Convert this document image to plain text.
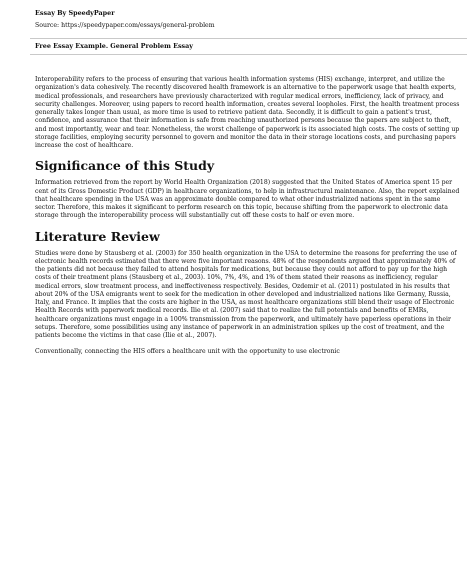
Essay By SpeedyPaper

Source: https://speedypaper.com/essays/general-problem

Free Essay Example. General Problem Essay

Interoperability refers to the process of ensuring that various health information systems (HIS) exchange, interpret, and utilize the organization's data cohesively. The recently discovered health framework is an alternative to the paperwork usage that health experts, medical professionals, and researchers have previously characterized with regular medical errors, inefficiency, lack of privacy, and security challenges. Moreover, using papers to record health information, creates several loopholes. First, the health treatment process generally takes longer than usual, as more time is used to retrieve patient data. Secondly, it is difficult to gain a patient's trust, confidence, and assurance that their information is safe from reaching unauthorized persons because the papers are subject to theft, and most importantly, wear and tear. Nonetheless, the worst challenge of paperwork is its associated high costs. The costs of setting up storage facilities, employing security personnel to govern and monitor the data in their storage locations costs, and purchasing papers increase the cost of healthcare.

Significance of this Study

Information retrieved from the report by World Health Organization (2018) suggested that the United States of America spent 15 per cent of its Gross Domestic Product (GDP) in healthcare organizations, to help in infrastructural maintenance. Also, the report explained that healthcare spending in the USA was an approximate double compared to what other industrialized nations spent in the same sector. Therefore, this makes it significant to perform research on this topic, because shifting from the paperwork to electronic data storage through the interoperability process will substantially cut off these costs to half or even more.

Literature Review

Studies were done by Stausberg et al. (2003) for 350 health organization in the USA to determine the reasons for preferring the use of electronic health records estimated that there were five important reasons. 48% of the respondents argued that approximately 40% of the patients did not because they failed to attend hospitals for medications, but because they could not afford to pay up for the high costs of their treatment plans (Stausberg et al., 2003). 10%, 7%, 4%, and 1% of them stated their reasons as inefficiency, regular medical errors, slow treatment process, and ineffectiveness respectively. Besides, Ozdemir et al. (2011) postulated in his results that about 20% of the USA emigrants went to seek for the medication in other developed and industrialized nations like Germany, Russia, Italy, and France. It implies that the costs are higher in the USA, as most healthcare organizations still blend their usage of Electronic Health Records with paperwork medical records. Ilie et al. (2007) said that to realize the full potentials and benefits of EMRs, healthcare organizations must engage in a 100% transmission from the paperwork, and ultimately have paperless operations in their setups. Therefore, some possibilities using any instance of paperwork in an administration spikes up the cost of treatment, and the patients become the victims in that case (Ilie et al., 2007).

Conventionally, connecting the HIS offers a healthcare unit with the opportunity to use electronic
